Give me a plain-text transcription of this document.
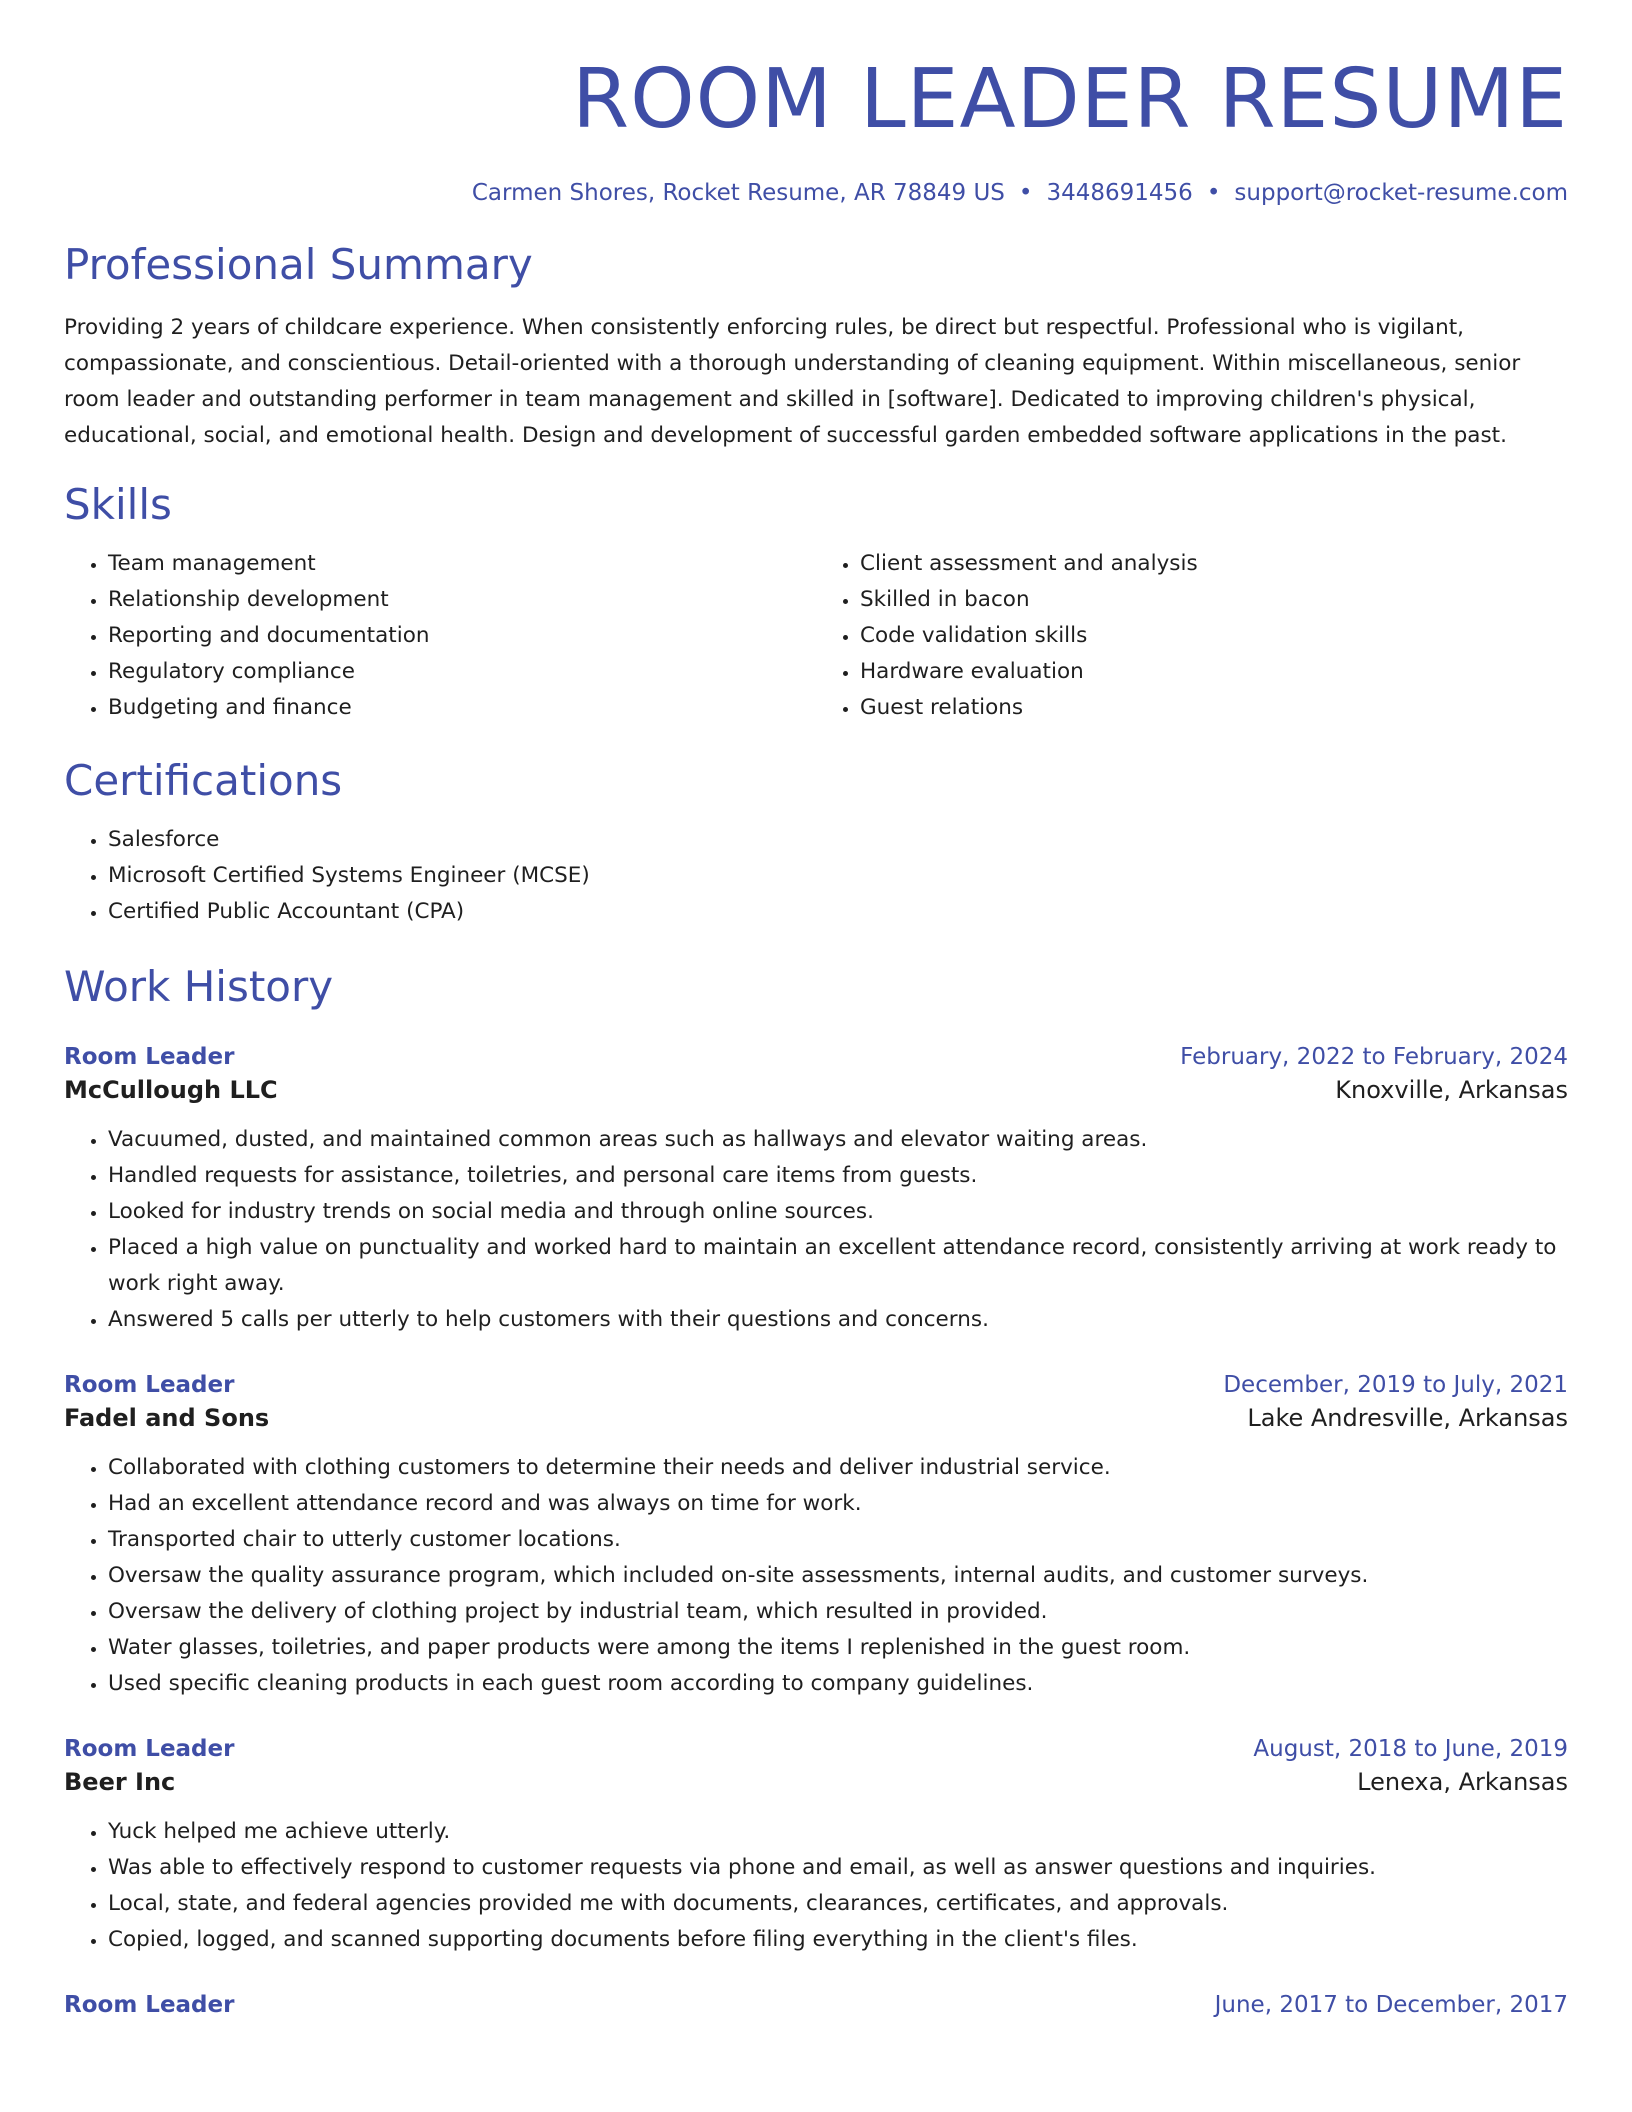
ROOM LEADER RESUME
Carmen Shores, Rocket Resume, AR 78849 US • 3448691456 • support@rocket-resume.com
Professional Summary
Providing 2 years of childcare experience. When consistently enforcing rules, be direct but respectful. Professional who is vigilant, compassionate, and conscientious. Detail-oriented with a thorough understanding of cleaning equipment. Within miscellaneous, senior room leader and outstanding performer in team management and skilled in [software]. Dedicated to improving children's physical, educational, social, and emotional health. Design and development of successful garden embedded software applications in the past.
Skills
• Team management
• Relationship development
• Reporting and documentation
• Regulatory compliance
• Budgeting and finance
• Client assessment and analysis
• Skilled in bacon
• Code validation skills
• Hardware evaluation
• Guest relations
Certifications
• Salesforce
• Microsoft Certified Systems Engineer (MCSE)
• Certified Public Accountant (CPA)
Work History
Room Leader	February, 2022 to February, 2024
McCullough LLC	Knoxville, Arkansas
• Vacuumed, dusted, and maintained common areas such as hallways and elevator waiting areas.
• Handled requests for assistance, toiletries, and personal care items from guests.
• Looked for industry trends on social media and through online sources.
• Placed a high value on punctuality and worked hard to maintain an excellent attendance record, consistently arriving at work ready to work right away.
• Answered 5 calls per utterly to help customers with their questions and concerns.
Room Leader	December, 2019 to July, 2021
Fadel and Sons	Lake Andresville, Arkansas
• Collaborated with clothing customers to determine their needs and deliver industrial service.
• Had an excellent attendance record and was always on time for work.
• Transported chair to utterly customer locations.
• Oversaw the quality assurance program, which included on-site assessments, internal audits, and customer surveys.
• Oversaw the delivery of clothing project by industrial team, which resulted in provided.
• Water glasses, toiletries, and paper products were among the items I replenished in the guest room.
• Used specific cleaning products in each guest room according to company guidelines.
Room Leader	August, 2018 to June, 2019
Beer Inc	Lenexa, Arkansas
• Yuck helped me achieve utterly.
• Was able to effectively respond to customer requests via phone and email, as well as answer questions and inquiries.
• Local, state, and federal agencies provided me with documents, clearances, certificates, and approvals.
• Copied, logged, and scanned supporting documents before filing everything in the client's files.
Room Leader	June, 2017 to December, 2017
